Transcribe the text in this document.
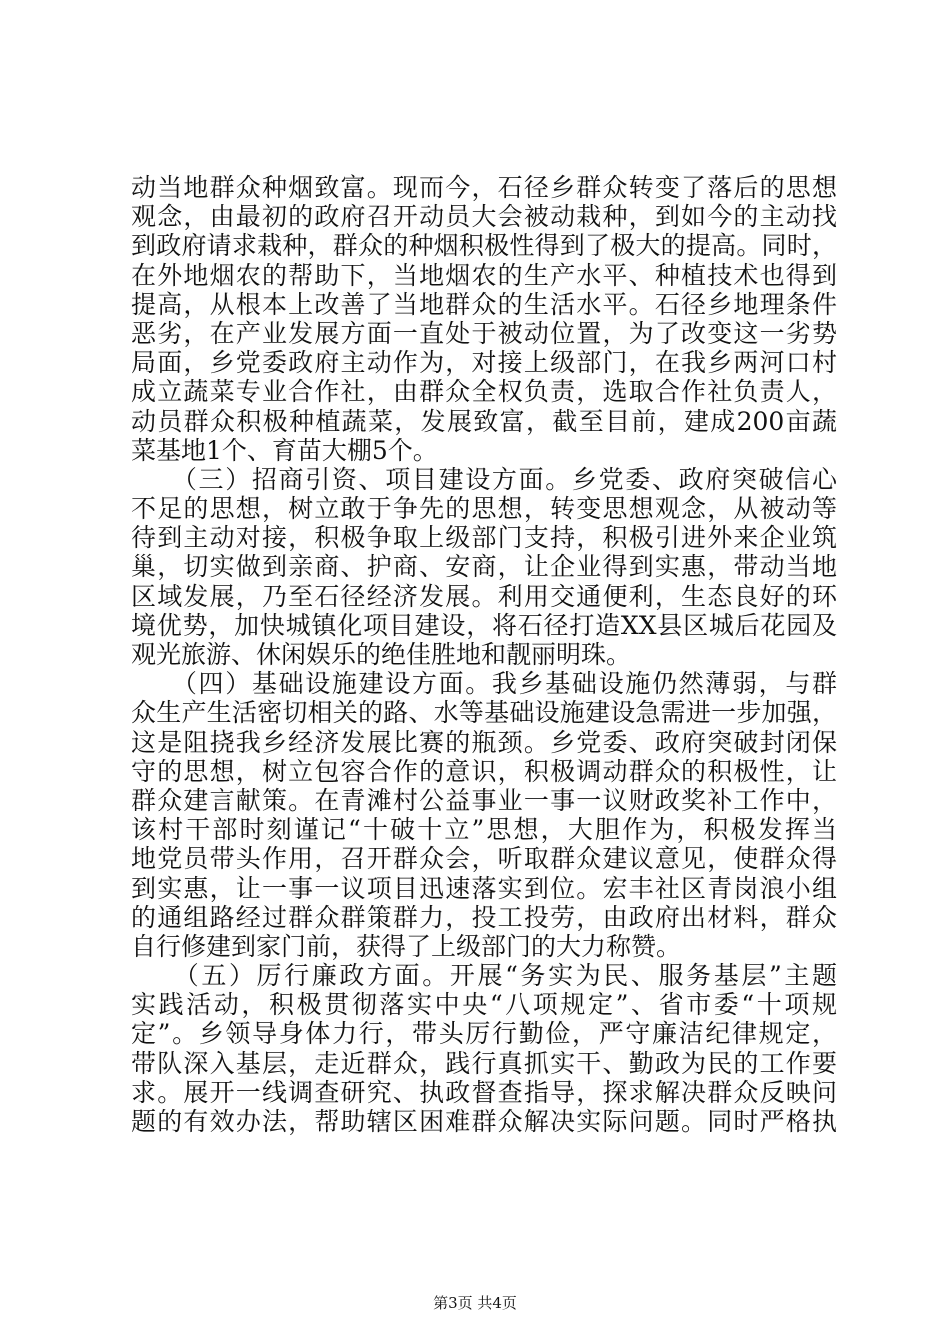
动当地群众种烟致富。现而今，石径乡群众转变了落后的思想
观念，由最初的政府召开动员大会被动栽种，到如今的主动找
到政府请求栽种，群众的种烟积极性得到了极大的提高。同时，
在外地烟农的帮助下，当地烟农的生产水平、种植技术也得到
提高，从根本上改善了当地群众的生活水平。石径乡地理条件
恶劣，在产业发展方面一直处于被动位置，为了改变这一劣势
局面，乡党委政府主动作为，对接上级部门，在我乡两河口村
成立蔬菜专业合作社，由群众全权负责，选取合作社负责人，
动员群众积极种植蔬菜，发展致富，截至目前，建成200亩蔬
菜基地1个、育苗大棚5个。
　　（三）招商引资、项目建设方面。乡党委、政府突破信心
不足的思想，树立敢于争先的思想，转变思想观念，从被动等
待到主动对接，积极争取上级部门支持，积极引进外来企业筑
巢，切实做到亲商、护商、安商，让企业得到实惠，带动当地
区域发展，乃至石径经济发展。利用交通便利，生态良好的环
境优势，加快城镇化项目建设，将石径打造XX县区城后花园及
观光旅游、休闲娱乐的绝佳胜地和靓丽明珠。
　　（四）基础设施建设方面。我乡基础设施仍然薄弱，与群
众生产生活密切相关的路、水等基础设施建设急需进一步加强，
这是阻挠我乡经济发展比赛的瓶颈。乡党委、政府突破封闭保
守的思想，树立包容合作的意识，积极调动群众的积极性，让
群众建言献策。在青滩村公益事业一事一议财政奖补工作中，
该村干部时刻谨记“十破十立”思想，大胆作为，积极发挥当
地党员带头作用，召开群众会，听取群众建议意见，使群众得
到实惠，让一事一议项目迅速落实到位。宏丰社区青岗浪小组
的通组路经过群众群策群力，投工投劳，由政府出材料，群众
自行修建到家门前，获得了上级部门的大力称赞。
　　（五）厉行廉政方面。开展“务实为民、服务基层”主题
实践活动，积极贯彻落实中央“八项规定”、省市委“十项规
定”。乡领导身体力行，带头厉行勤俭，严守廉洁纪律规定，
带队深入基层，走近群众，践行真抓实干、勤政为民的工作要
求。展开一线调查研究、执政督查指导，探求解决群众反映问
题的有效办法，帮助辖区困难群众解决实际问题。同时严格执
第3页 共4页
